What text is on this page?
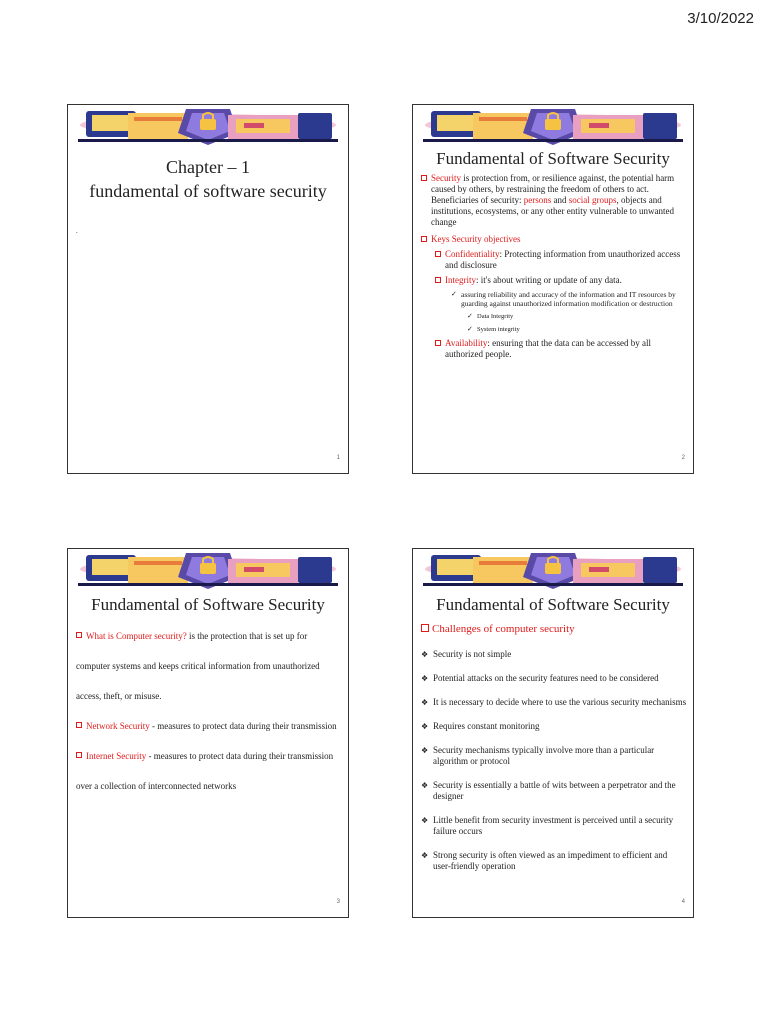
3/10/2022
Chapter – 1
fundamental of software security
.
1
Fundamental of Software Security
Security is protection from, or resilience against, the potential harm caused by others, by restraining the freedom of others to act. Beneficiaries of security: persons and social groups, objects and institutions, ecosystems, or any other entity vulnerable to unwanted change
Keys Security objectives
Confidentiality: Protecting information from unauthorized access and disclosure
Integrity: it's about writing or update of any data.
✓ assuring reliability and accuracy of the information and IT resources by guarding against unauthorized information modification or destruction
✓ Data Integrity
✓ System integrity
Availability: ensuring that the data can be accessed by all authorized people.
2
Fundamental of Software Security
What is Computer security? is the protection that is set up for
computer systems and keeps critical information from unauthorized
access, theft, or misuse.
Network Security - measures to protect data during their transmission
Internet Security - measures to protect data during their transmission
over a collection of interconnected networks
3
Fundamental of Software Security
Challenges of computer security
❖ Security is not simple
❖ Potential attacks on the security features need to be considered
❖ It is necessary to decide where to use the various security mechanisms
❖ Requires constant monitoring
❖ Security mechanisms typically involve more than a particular algorithm or protocol
❖ Security is essentially a battle of wits between a perpetrator and the designer
❖ Little benefit from security investment is perceived until a security failure occurs
❖ Strong security is often viewed as an impediment to efficient and user-friendly operation
4
